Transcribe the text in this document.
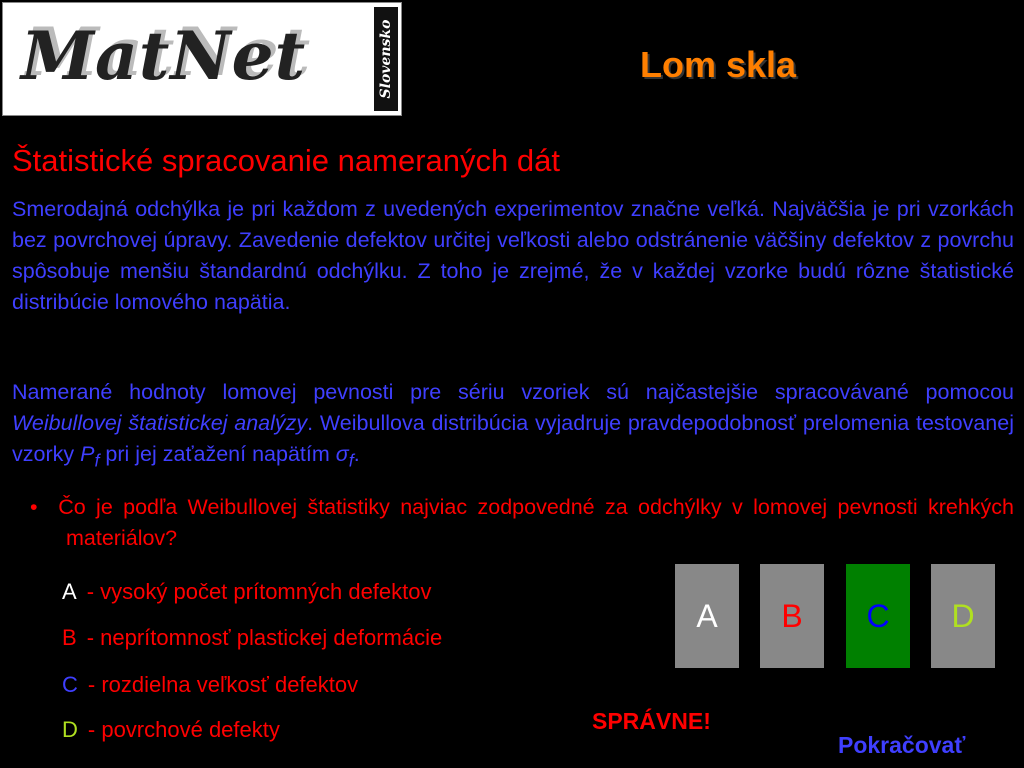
MatNet	Slovensko	Lom skla
Štatistické spracovanie nameraných dát

Smerodajná odchýlka je pri každom z uvedených experimentov značne veľká. Najväčšia je pri vzorkách bez povrchovej úpravy. Zavedenie defektov určitej veľkosti alebo odstránenie väčšiny defektov z povrchu spôsobuje menšiu štandardnú odchýlku. Z toho je zrejmé, že v každej vzorke budú rôzne štatistické distribúcie lomového napätia.

Namerané hodnoty lomovej pevnosti pre sériu vzoriek sú najčastejšie spracovávané pomocou Weibullovej štatistickej analýzy. Weibullova distribúcia vyjadruje pravdepodobnosť prelomenia testovanej vzorky $P_f$ pri jej zaťažení napätím $\sigma_f$.

•  Čo je podľa Weibullovej štatistiky najviac zodpovedné za odchýlky v lomovej pevnosti krehkých materiálov?

A - vysoký počet prítomných defektov
B - neprítomnosť plastickej deformácie
C - rozdielna veľkosť defektov
D - povrchové defekty
A	B	C	D
SPRÁVNE!
Pokračovať
